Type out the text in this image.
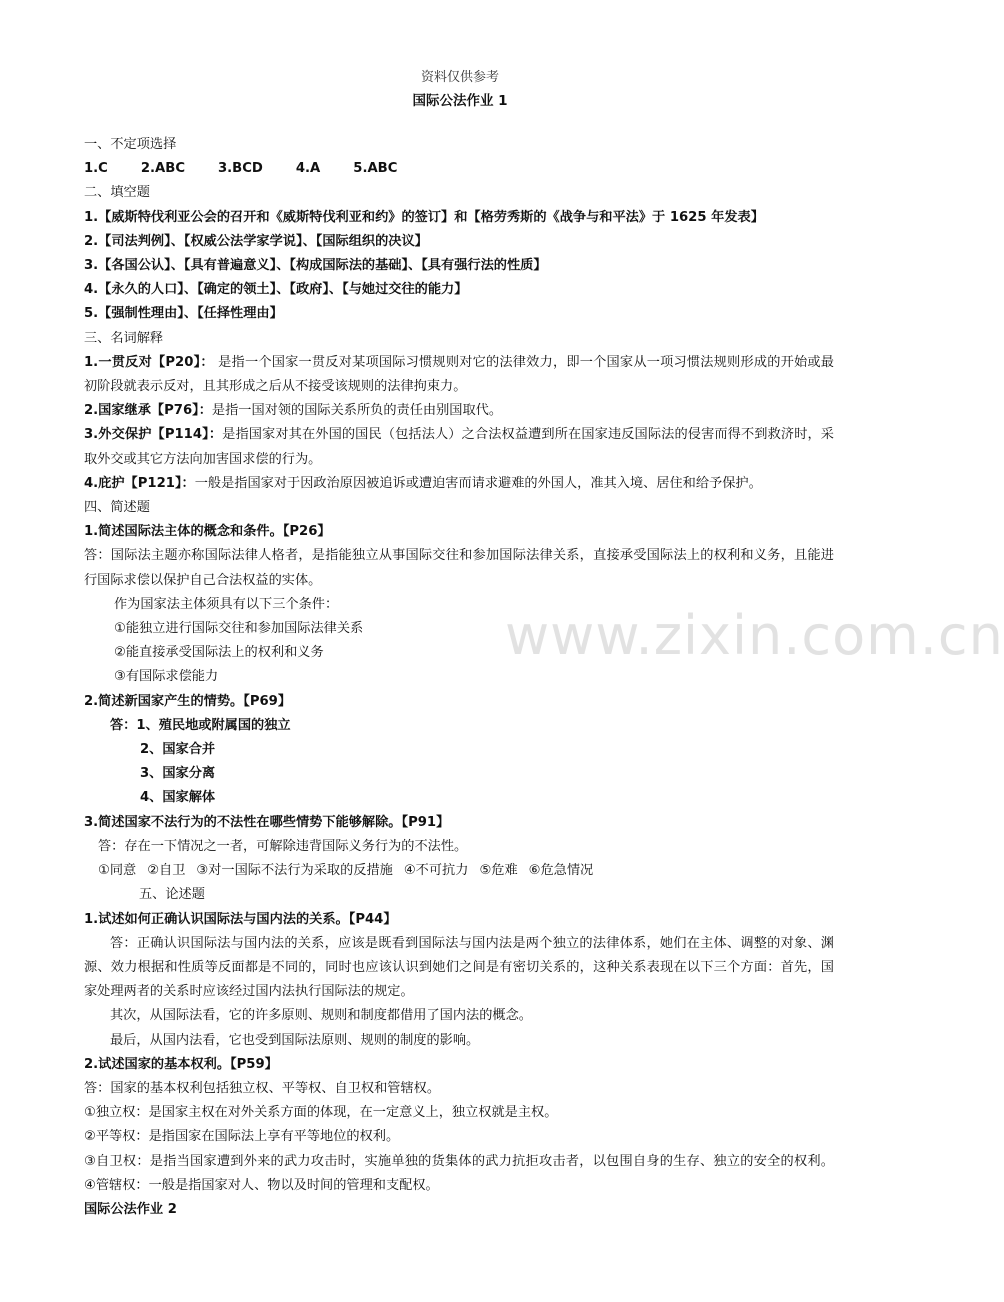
资料仅供参考
国际公法作业 1
www.zixin.com.cn
一、不定项选择
1.C	2.ABC	3.BCD	4.A	5.ABC
二、填空题
1.【威斯特伐利亚公会的召开和《威斯特伐利亚和约》的签订】和【格劳秀斯的《战争与和平法》于 1625 年发表】
2.【司法判例】、【权威公法学家学说】、【国际组织的决议】
3.【各国公认】、【具有普遍意义】、【构成国际法的基础】、【具有强行法的性质】
4.【永久的人口】、【确定的领土】、【政府】、【与她过交往的能力】
5.【强制性理由】、【任择性理由】
三、名词解释
1.一贯反对【P20】： 是指一个国家一贯反对某项国际习惯规则对它的法律效力，即一个国家从一项习惯法规则形成的开始或最初阶段就表示反对，且其形成之后从不接受该规则的法律拘束力。
2.国家继承【P76】：是指一国对领的国际关系所负的责任由别国取代。
3.外交保护【P114】：是指国家对其在外国的国民（包括法人）之合法权益遭到所在国家违反国际法的侵害而得不到救济时，采取外交或其它方法向加害国求偿的行为。
4.庇护【P121】：一般是指国家对于因政治原因被追诉或遭迫害而请求避难的外国人，准其入境、居住和给予保护。
四、简述题
1.简述国际法主体的概念和条件。【P26】
答：国际法主题亦称国际法律人格者，是指能独立从事国际交往和参加国际法律关系，直接承受国际法上的权利和义务，且能进行国际求偿以保护自己合法权益的实体。
作为国家法主体须具有以下三个条件：
①能独立进行国际交往和参加国际法律关系
②能直接承受国际法上的权利和义务
③有国际求偿能力
2.简述新国家产生的情势。【P69】
答：1、殖民地或附属国的独立
2、国家合并
3、国家分离
4、国家解体
3.简述国家不法行为的不法性在哪些情势下能够解除。【P91】
答：存在一下情况之一者，可解除违背国际义务行为的不法性。
①同意 ②自卫 ③对一国际不法行为采取的反措施 ④不可抗力 ⑤危难 ⑥危急情况
五、论述题
1.试述如何正确认识国际法与国内法的关系。【P44】
答：正确认识国际法与国内法的关系，应该是既看到国际法与国内法是两个独立的法律体系，她们在主体、调整的对象、渊源、效力根据和性质等反面都是不同的，同时也应该认识到她们之间是有密切关系的，这种关系表现在以下三个方面：首先，国家处理两者的关系时应该经过国内法执行国际法的规定。
其次，从国际法看，它的许多原则、规则和制度都借用了国内法的概念。
最后，从国内法看，它也受到国际法原则、规则的制度的影响。
2.试述国家的基本权利。【P59】
答：国家的基本权利包括独立权、平等权、自卫权和管辖权。
①独立权：是国家主权在对外关系方面的体现，在一定意义上，独立权就是主权。
②平等权：是指国家在国际法上享有平等地位的权利。
③自卫权：是指当国家遭到外来的武力攻击时，实施单独的货集体的武力抗拒攻击者，以包围自身的生存、独立的安全的权利。 ④管辖权：一般是指国家对人、物以及时间的管理和支配权。
国际公法作业 2
